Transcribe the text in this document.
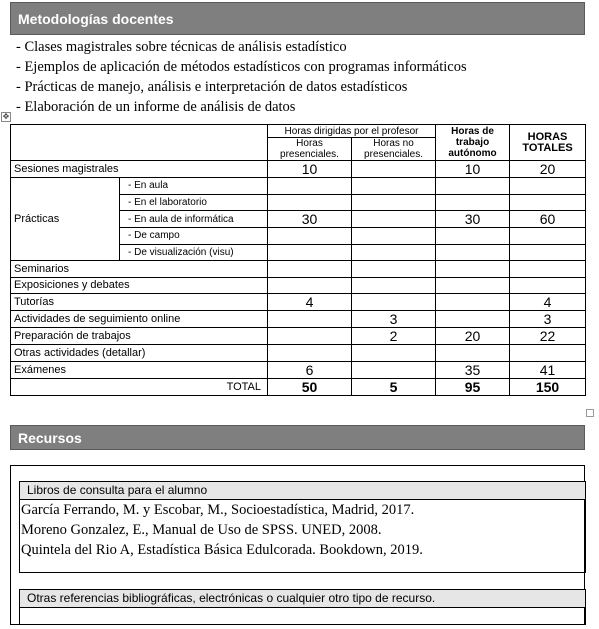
Metodologías docentes
- Clases magistrales sobre técnicas de análisis estadístico
- Ejemplos de aplicación de métodos estadísticos con programas informáticos
- Prácticas de manejo, análisis e interpretación de datos estadísticos
- Elaboración de un informe de análisis de datos
✥
		Horas dirigidas por el profesor		Horas de trabajo autónomo	HORAS TOTALES
		Horas presenciales.	Horas no presenciales.		
Sesiones magistrales		10		10	20
Prácticas	- En aula				
	- En el laboratorio				
	- En aula de informática	30		30	60
	- De campo				
	- De visualización (visu)				
Seminarios					
Exposiciones y debates					
Tutorías		4			4
Actividades de seguimiento online			3		3
Preparación de trabajos			2	20	22
Otras actividades (detallar)					
Exámenes		6		35	41
TOTAL		50	5	95	150
Recursos
Libros de consulta para el alumno
García Ferrando, M. y Escobar, M., Socioestadística, Madrid, 2017.
Moreno Gonzalez, E., Manual de Uso de SPSS. UNED, 2008.
Quintela del Rio A, Estadística Básica Edulcorada. Bookdown, 2019.
Otras referencias bibliográficas, electrónicas o cualquier otro tipo de recurso.
